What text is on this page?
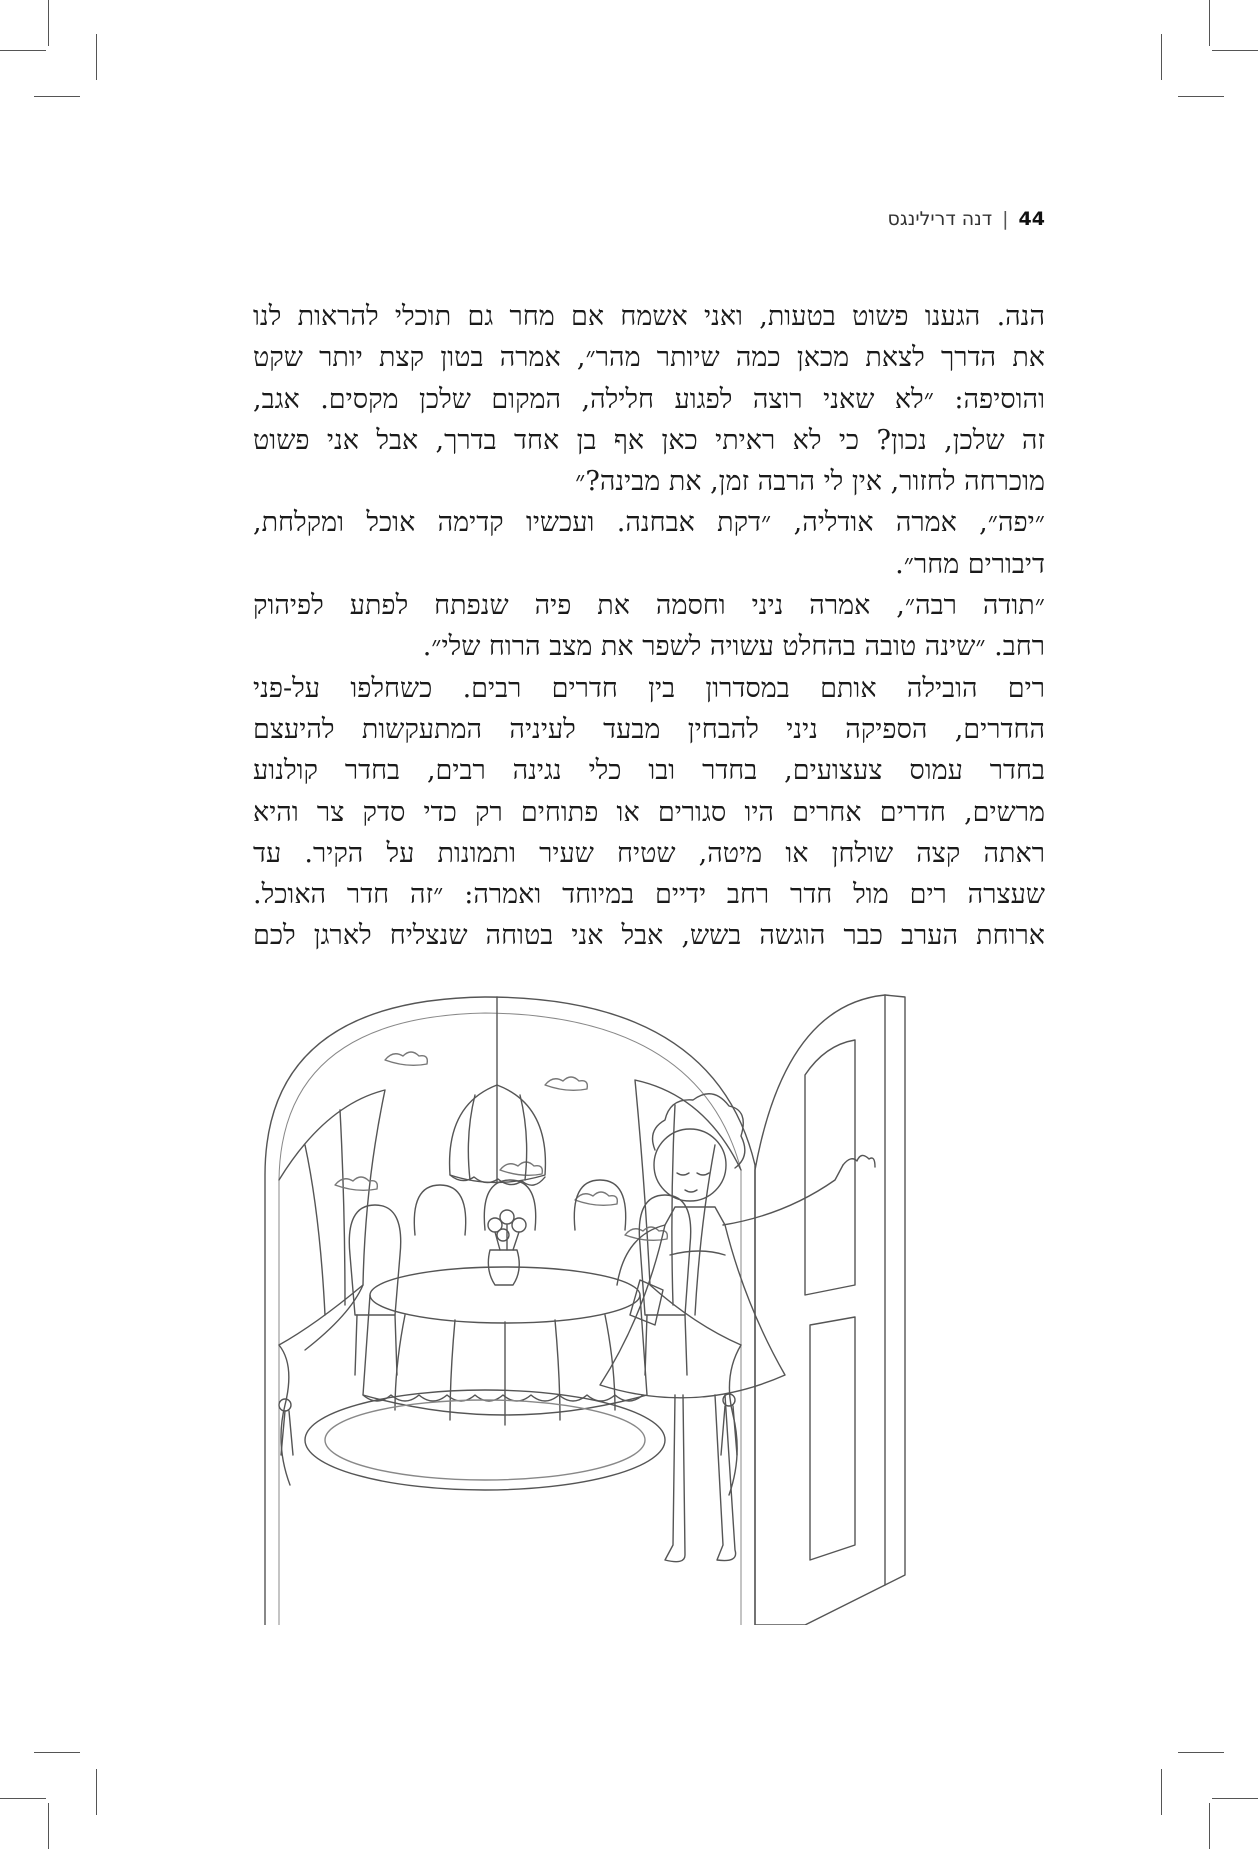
44|דנה דרילינגס
הנה. הגענו פשוט בטעות, ואני אשמח אם מחר גם תוכלי להראות לנו
את הדרך לצאת מכאן כמה שיותר מהר״, אמרה בטון קצת יותר שקט
והוסיפה: ״לא שאני רוצה לפגוע חלילה, המקום שלכן מקסים. אגב,
זה שלכן, נכון? כי לא ראיתי כאן אף בן אחד בדרך, אבל אני פשוט
מוכרחה לחזור, אין לי הרבה זמן, את מבינה?״
״יפה״, אמרה אודליה, ״דקת אבחנה. ועכשיו קדימה אוכל ומקלחת,
דיבורים מחר״.
״תודה רבה״, אמרה ניני וחסמה את פיה שנפתח לפתע לפיהוק
רחב. ״שינה טובה בהחלט עשויה לשפר את מצב הרוח שלי״.
רים הובילה אותם במסדרון בין חדרים רבים. כשחלפו על-פני
החדרים, הספיקה ניני להבחין מבעד לעיניה המתעקשות להיעצם
בחדר עמוס צעצועים, בחדר ובו כלי נגינה רבים, בחדר קולנוע
מרשים, חדרים אחרים היו סגורים או פתוחים רק כדי סדק צר והיא
ראתה קצה שולחן או מיטה, שטיח שעיר ותמונות על הקיר. עד
שעצרה רים מול חדר רחב ידיים במיוחד ואמרה: ״זה חדר האוכל.
ארוחת הערב כבר הוגשה בשש, אבל אני בטוחה שנצליח לארגן לכם
